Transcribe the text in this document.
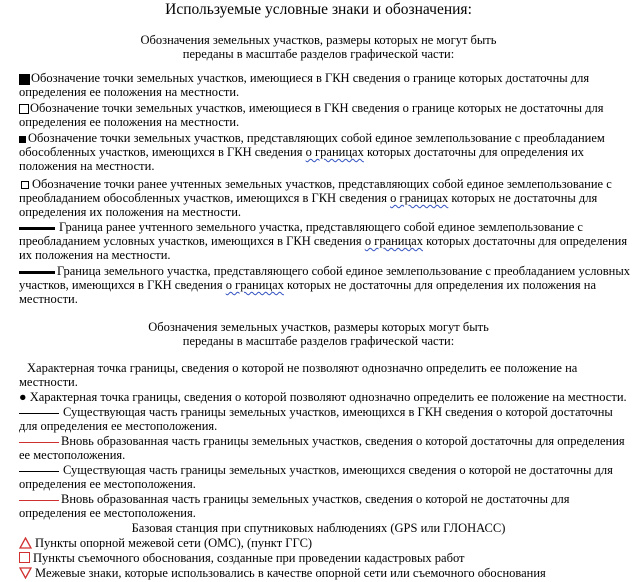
Используемые условные знаки и обозначения:
Обозначения земельных участков, размеры которых не могут быть
переданы в масштабе разделов графической части:
Обозначение точки земельных участков, имеющиеся в ГКН сведения о границе которых достаточны для определения ее положения на местности.
Обозначение точки земельных участков, имеющиеся в ГКН сведения о границе которых не достаточны для определения ее положения на местности.
Обозначение точки земельных участков, представляющих собой единое землепользование с преобладанием обособленных участков, имеющихся в ГКН сведения о границах которых достаточны для определения их положения на местности.
Обозначение точки ранее учтенных земельных участков, представляющих собой единое землепользование с преобладанием обособленных участков, имеющихся в ГКН сведения о границах которых не достаточны для определения их положения на местности.
Граница ранее учтенного земельного участка, представляющего собой единое землепользование с преобладанием условных участков, имеющихся в ГКН сведения о границах которых достаточны для определения их положения на местности.
Граница земельного участка, представляющего собой единое землепользование с преобладанием условных участков, имеющихся в ГКН сведения о границах которых не достаточны для определения их положения на местности.
Обозначения земельных участков, размеры которых могут быть
переданы в масштабе разделов графической части:
Характерная точка границы, сведения о которой не позволяют однозначно определить ее положение на местности.
● Характерная точка границы, сведения о которой позволяют однозначно определить ее положение на местности.
Существующая часть границы земельных участков, имеющихся в ГКН сведения о которой достаточны для определения ее местоположения.
Вновь образованная часть границы земельных участков, сведения о которой достаточны для определения ее местоположения.
Существующая часть границы земельных участков, имеющихся сведения о которой не достаточны для определения ее местоположения.
Вновь образованная часть границы земельных участков, сведения о которой не достаточны для определения ее местоположения.
Базовая станция при спутниковых наблюдениях (GPS или ГЛОНАСС)
Пункты опорной межевой сети (ОМС), (пункт ГГС)
Пункты съемочного обоснования, созданные при проведении кадастровых работ
Межевые знаки, которые использовались в качестве опорной сети или съемочного обоснования
